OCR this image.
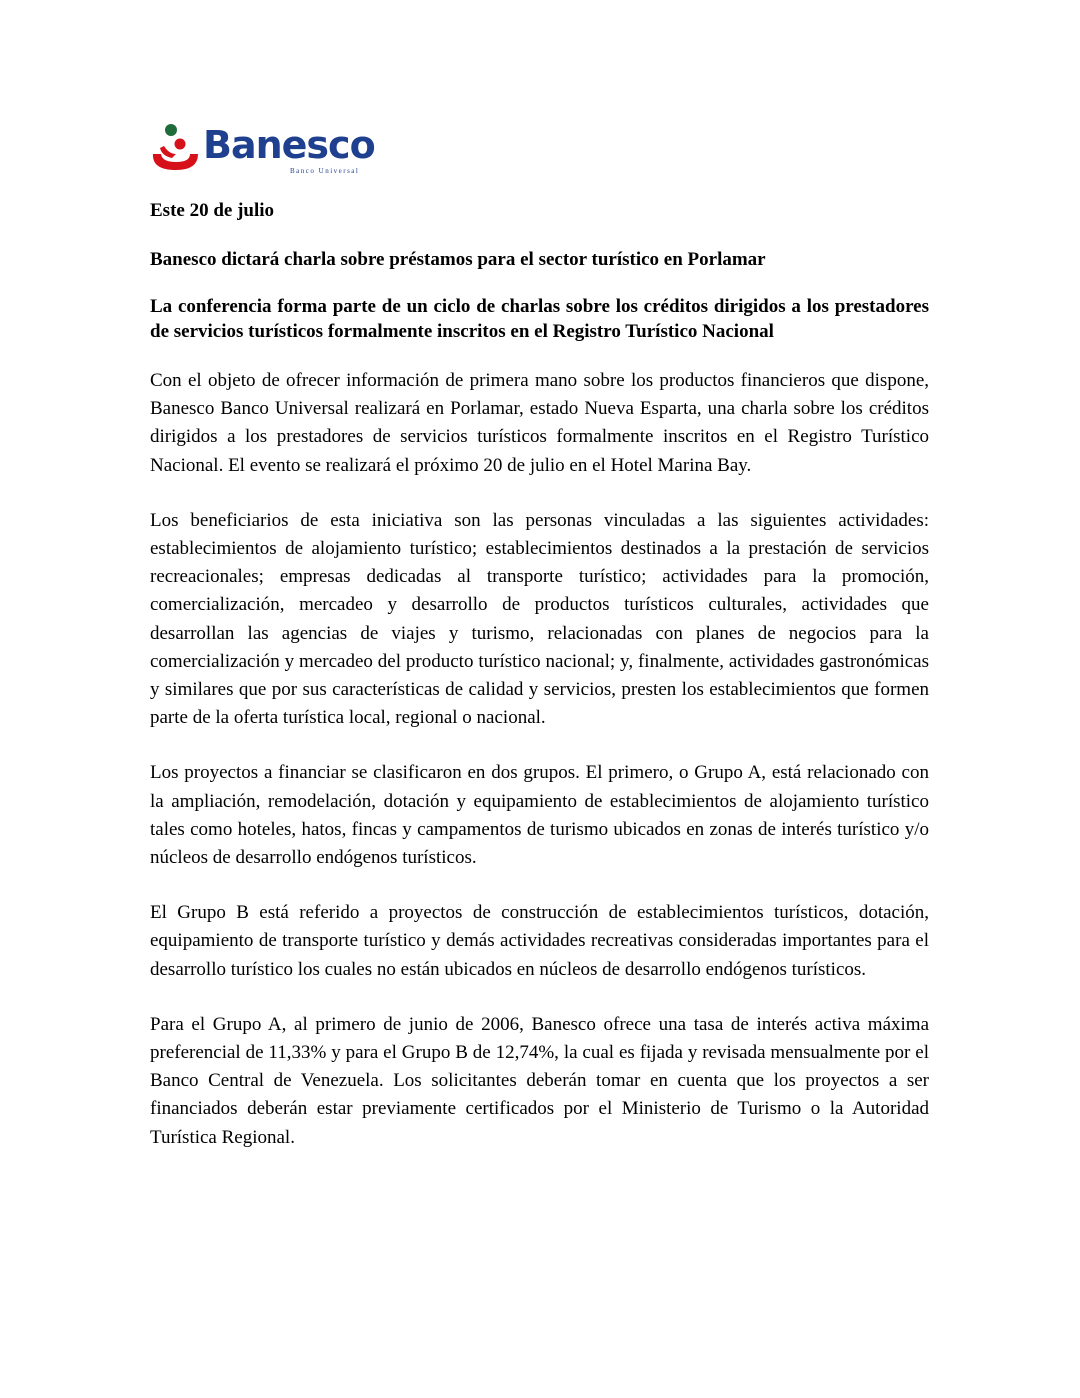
Banesco
Banco Universal

Este 20 de julio

Banesco dictará charla sobre préstamos para el sector turístico en Porlamar

La conferencia forma parte de un ciclo de charlas sobre los créditos dirigidos a los prestadores de servicios turísticos formalmente inscritos en el Registro Turístico Nacional

Con el objeto de ofrecer información de primera mano sobre los productos financieros que dispone, Banesco Banco Universal realizará en Porlamar, estado Nueva Esparta, una charla sobre los créditos dirigidos a los prestadores de servicios turísticos formalmente inscritos en el Registro Turístico Nacional. El evento se realizará el próximo 20 de julio en el Hotel Marina Bay.

Los beneficiarios de esta iniciativa son las personas vinculadas a las siguientes actividades: establecimientos de alojamiento turístico; establecimientos destinados a la prestación de servicios recreacionales; empresas dedicadas al transporte turístico; actividades para la promoción, comercialización, mercadeo y desarrollo de productos turísticos culturales, actividades que desarrollan las agencias de viajes y turismo, relacionadas con planes de negocios para la comercialización y mercadeo del producto turístico nacional; y, finalmente, actividades gastronómicas y similares que por sus características de calidad y servicios, presten los establecimientos que formen parte de la oferta turística local, regional o nacional.

Los proyectos a financiar se clasificaron en dos grupos. El primero, o Grupo A, está relacionado con la ampliación, remodelación, dotación y equipamiento de establecimientos de alojamiento turístico tales como hoteles, hatos, fincas y campamentos de turismo ubicados en zonas de interés turístico y/o núcleos de desarrollo endógenos turísticos.

El Grupo B está referido a proyectos de construcción de establecimientos turísticos, dotación, equipamiento de transporte turístico y demás actividades recreativas consideradas importantes para el desarrollo turístico los cuales no están ubicados en núcleos de desarrollo endógenos turísticos.

Para el Grupo A, al primero de junio de 2006, Banesco ofrece una tasa de interés activa máxima preferencial de 11,33% y para el Grupo B de 12,74%, la cual es fijada y revisada mensualmente por el Banco Central de Venezuela. Los solicitantes deberán tomar en cuenta que los proyectos a ser financiados deberán estar previamente certificados por el Ministerio de Turismo o la Autoridad Turística Regional.
